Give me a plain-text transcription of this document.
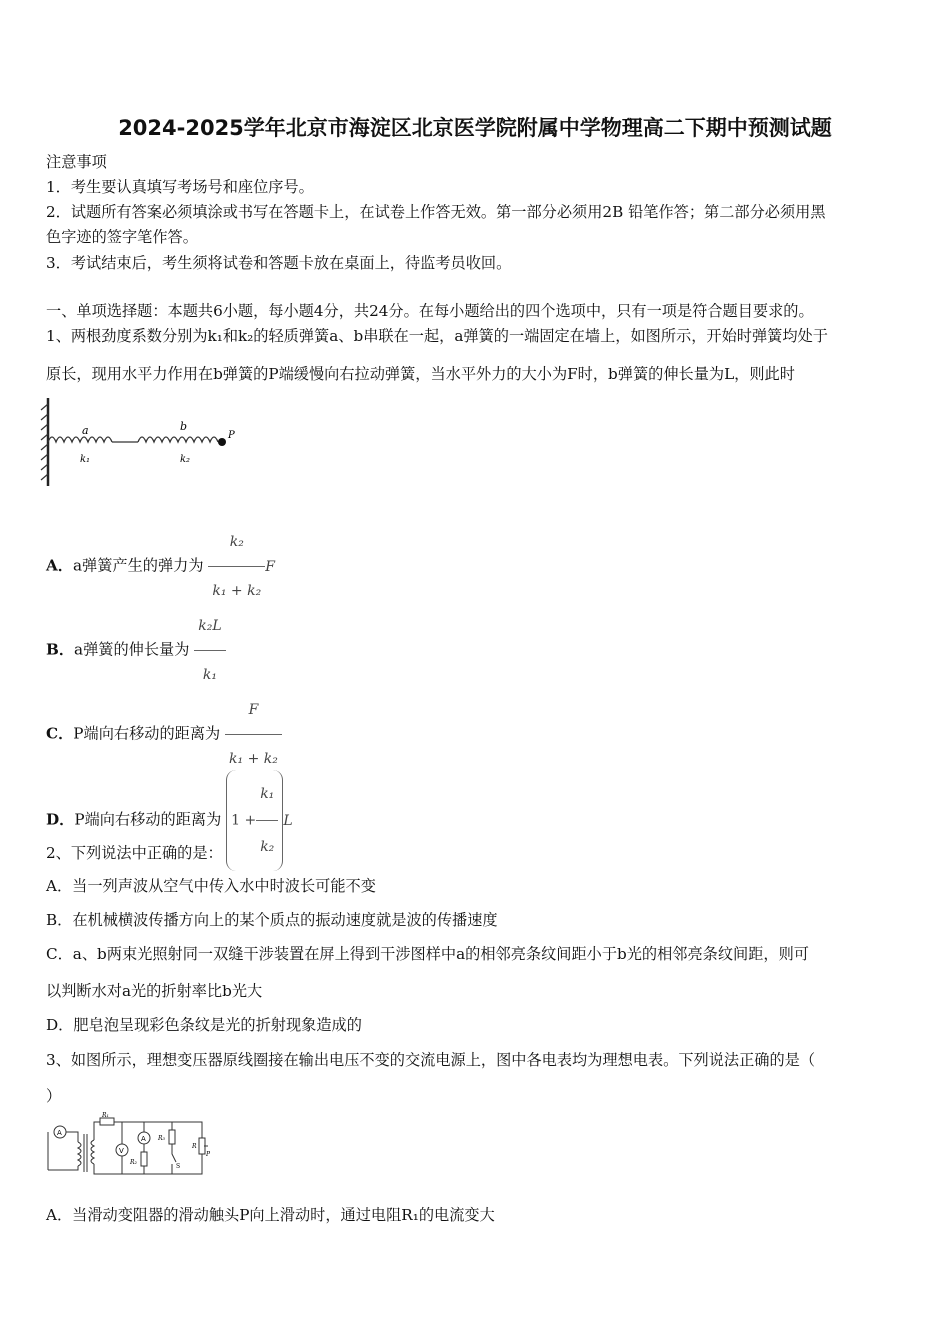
2024-2025学年北京市海淀区北京医学院附属中学物理高二下期中预测试题
注意事项
1．考生要认真填写考场号和座位序号。
2．试题所有答案必须填涂或书写在答题卡上，在试卷上作答无效。第一部分必须用2B 铅笔作答；第二部分必须用黑
色字迹的签字笔作答。
3．考试结束后，考生须将试卷和答题卡放在桌面上，待监考员收回。
一、单项选择题：本题共6小题，每小题4分，共24分。在每小题给出的四个选项中，只有一项是符合题目要求的。
1、两根劲度系数分别为k₁和k₂的轻质弹簧a、b串联在一起，a弹簧的一端固定在墙上，如图所示，开始时弹簧均处于
原长，现用水平力作用在b弹簧的P端缓慢向右拉动弹簧，当水平外力的大小为F时，b弹簧的伸长量为L，则此时
a
k₁
b
k₂
P
A．a弹簧产生的弹力为 $\frac{\text{k₂}}{\text{k₁ + k₂}}$ F
B．a弹簧的伸长量为 $\frac{\text{k₂L}}{\text{k₁}}$
C．P端向右移动的距离为 $\frac{F}{\text{k₁ + k₂}}$
D．P端向右移动的距离为 $1 + \frac{\text{k₁}}{\text{k₂}}$ L
2、下列说法中正确的是：
A．当一列声波从空气中传入水中时波长可能不变
B．在机械横波传播方向上的某个质点的振动速度就是波的传播速度
C．a、b两束光照射同一双缝干涉装置在屏上得到干涉图样中a的相邻亮条纹间距小于b光的相邻亮条纹间距，则可
以判断水对a光的折射率比b光大
D．肥皂泡呈现彩色条纹是光的折射现象造成的
3、如图所示，理想变压器原线圈接在输出电压不变的交流电源上，图中各电表均为理想电表。下列说法正确的是（
）
A
R₁
V
A
R₂
R₃
R
S
P
A．当滑动变阻器的滑动触头P向上滑动时，通过电阻R₁的电流变大
